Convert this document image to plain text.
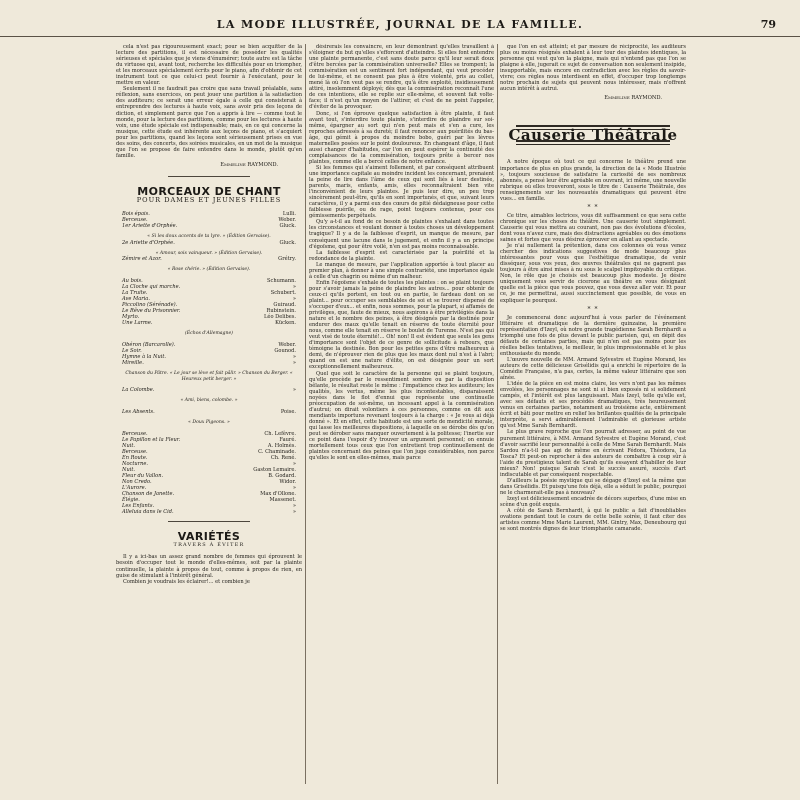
LA MODE ILLUSTRÉE, JOURNAL DE LA FAMILLE.	79

cela n'est pas rigoureusement exact; pour se bien acquitter de la lecture des partitions, il est nécessaire de posséder les qualités sérieuses et spéciales que je viens d'énumérer; toute autre est la tâche du virtuose qui, avant tout, recherche les difficultés pour en triompher, et les morceaux spécialement écrits pour le piano, afin d'obtenir de cet instrument tout ce que celui-ci peut fournir à l'exécutant, pour le mettre en valeur.

Seulement il ne faudrait pas croire que sans travail préalable, sans réflexion, sans exercices, on peut jouer une partition à la satisfaction des auditeurs; ce serait une erreur égale à celle qui consisterait à entreprendre des lectures à haute voix, sans avoir pris des leçons de diction, et simplement parce que l'on a appris à lire — comme tout le monde, pour la lecture des partitions, comme pour les lectures à haute voix, une étude spéciale est indispensable; mais, en ce qui concerne la musique, cette étude est inhérente aux leçons de piano, et s'acquiert pour les partitions, quand les leçons sont sérieusement prises en vue des soins, des concerts, des soirées musicales, en un mot de la musique que l'on se propose de faire entendre dans le monde, plutôt qu'en famille.

Emmeline RAYMOND.
MORCEAUX DE CHANT
POUR DAMES ET JEUNES FILLES
Bois épais.	Lulli.
Berceuse.	Weber.
1er Ariette d'Orphée.	Gluck.
« Si les doux accents de ta lyre. » (Édition Gervaise).
2e Ariette d'Orphée.	Gluck.
« Amour, sois vainqueur. » (Édition Gervaise).
Zémire et Azor.	Grétry.
« Rose chérie. » (Édition Gervaise).
Au bois.	Schumann.
La Cloche qui marche.	»
La Truite.	Schubert.
Ave Maria.	»
Piccolino (Sérénade).	Guiraud.
Le Rêve du Prisonnier.	Rubinstein.
Myrto.	Léo Delibes.
Une Larme.	Kücken.
(Échos d'Allemagne)
Obéron (Barcarolle).	Weber.
Le Soir.	Gounod.
Hymne à la Nuit.	»
Mireille.	»
Chanson du Pâtre. « Le jour se lève et fait pâlir. » Chanson du Berger. « Heureux petit berger. »
La Colombe.	»
« Ami, biens, colombe. »
Les Absents.	Poise.
« Doux Pigeons. »
Berceuse.	Ch. Lefèvre.
Le Papillon et la Fleur.	Fauré.
Nuit.	A. Holmès.
Berceuse.	C. Chaminade.
En Route.	Ch. René.
Nocturne.	»
Nuit.	Gaston Lemaire.
Fleur du Vallon.	B. Godard.
Non Credo.	Widor.
L'Aurore.	»
Chanson de Janette.	Max d'Ollone.
Élégie.	Massenet.
Les Enfants.	»
Alleluia dans le Cid.	»
VARIÉTÉS
TRAVERS À ÉVITER

Il y a ici-bas un assez grand nombre de femmes qui éprouvent le besoin d'occuper tout le monde d'elles-mêmes, soit par la plainte continuelle, la plainte à propos de tout, comme à propos de rien, en guise de stimulant à l'intérêt général.

Combien je voudrais les éclairer!... et combien je

désirerais les convaincre, en leur démontrant qu'elles travaillent à s'éloigner du but qu'elles s'efforcent d'atteindre. Si elles font entendre une plainte permanente, c'est sans doute parce qu'il leur serait doux d'être bercées par la commisération universelle? Elles se trompent; la commisération est un sentiment fort indépendant, qui veut procéder de lui-même, et ne consent pas plus à être violenté, pris au collet, mené là où l'on veut pas se rendre, qu'à être exploité, insidieusement attiré, insolemment déployé; dès que la commisération reconnaît l'une de ces intentions, elle se replie sur elle-même, et souvent fait volte-face; il n'est qu'un moyen de l'attirer, et c'est de ne point l'appeler, d'éviter de la provoquer.

Donc, si l'on éprouve quelque satisfaction à être plainte, il faut avant tout, s'interdire toute plainte, s'interdire de plaindre sur soi-même, épargner au sort qui n'en peut mais et s'en a cure, les reproches adressés à sa dureté; il faut renoncer aux puérilités du bas-âge, qui gémit à propos du moindre bobo, guéri par les lèvres maternelles posées sur le point douloureux. En changeant d'âge, il faut aussi changer d'habitudes, car l'on en peut espérer la continuité des complaisances de la commisération, toujours prête à bercer nos plaintes, comme elle a bercé celles de notre enfance.

Si les femmes qui s'aiment follement, et par conséquent attribuent une importance capitale au moindre incident les concernant, prenaient la peine de lire dans l'âme de ceux qui sont liés à leur destinée, parents, maris, enfants, amis, elles reconnaîtraient bien vite l'inconvénient de leurs plaintes. Je puis leur dire, un peu trop sincèrement peut-être, qu'ils en sont importunés, et que, suivant leurs caractères, il y a parmi eux des cœurs de pitié dédaigneuse pour cette faiblesse puérile, ou de rage, point toujours contenue, pour ces gémissements perpétuels.

Qu'y a-t-il au fond de ce besoin de plaintes s'exhalant dans toutes les circonstances et voulant donner à toutes choses un développement tragique? Il y a de la faiblesse d'esprit, un manque de mesure, par conséquent une lacune dans le jugement, et enfin il y a un principe d'égoïsme, qui pour être voilé, n'en est pas moins reconnaissable.

La faiblesse d'esprit est caractérisée par la puérilité et la redondance de la plainte.

Le manque de mesure, par l'application apportée à tout placer au premier plan, à donner à une simple contrariété, une importance égale à celle d'un chagrin ou même d'un malheur.

Enfin l'égoïsme s'exhale de toutes les plaintes : on se plaint toujours pour s'avoir jamais la peine de plaindre les autres... pour obtenir de ceux-ci qu'ils portent, en tout ou en partie, le fardeau dont on se plaint... pour occuper ses semblables de soi et se trouver dispensé de s'occuper d'eux... et enfin, nous sommes, pour la plupart, si affamés de privilèges, que, faute de mieux, nous aspirons à être privilégiés dans la nature et le nombre des peines, à être désignés par la destinée pour endurer des maux qu'elle tenait en réserve de toute éternité pour nous, comme elle tenait en réserve le boulet de Turenne. N'est pas qui veut visé de toute éternité!... Oh! non! Il est évident que seuls les gens d'importance sont l'objet de ce genre de sollicitude à rebours, que témoigne la destinée. Bon pour les petites gens d'être malheureux à demi, de n'éprouver rien de plus que les maux dont nul n'est à l'abri; quand on est une nature d'élite, on est désignée pour un sort exceptionnellement malheureux.

Quel que soit le caractère de la personne qui se plaint toujours, qu'elle procède par le ressentiment sombre ou par la disposition bêlante, le résultat reste le même : l'impatience chez les auditeurs; les qualités, les vertus, même les plus incontestables, disparaissent noyées dans le flot d'ennui que représente une continuelle préoccupation de soi-même, un incessant appel à la commisération d'autrui; on dirait volontiers à ces personnes, comme on dit aux mendiants importuns revenant toujours à la charge : « Je vous ai déjà donné ». Et en effet, cette habitude est une sorte de mendicité morale, qui lasse les meilleures dispositions, à laquelle on se dérobe dès qu'on peut se dérober sans manquer ouvertement à la politesse; l'inertie sur ce point dans l'espoir d'y trouver un argument personnel; on ennuie mortellement tous ceux que l'on entretient trop continuellement de plaintes concernant des peines que l'on juge considérables, non parce qu'elles le sont en elles-mêmes, mais parce

que l'on en est atteint; et par mesure de réciprocité, les auditeurs plus ou moins résignés exhalent à leur tour des plaintes identiques, la personne qui veut qu'on la plaigne, mais qui n'entend pas que l'on se plaigne à elle, jugerait ce sujet de conversation non seulement insipide, insupportable, mais encore en contradiction avec les règles du savoir-vivre; ces règles nous interdisent en effet, d'occuper trop longtemps notre prochain de sujets qui peuvent nous intéresser, mais n'offrent aucun intérêt à autrui.

Emmeline RAYMOND.
Causerie Théâtrale

A notre époque où tout ce qui concerne le théâtre prend une importance de plus en plus grande, la direction de la « Mode Illustrée », toujours soucieuse de satisfaire la curiosité de ses nombreux abonnés, a pensé leur être agréable en ouvrant, ici même, une nouvelle rubrique où elles trouveront, sous le titre de : Causerie Théâtrale, des renseignements sur les nouveautés dramatiques qui peuvent être vues... en famille.

* *

Ce titre, aimables lectrices, vous dit suffisamment ce que sera cette chronique sur les choses du théâtre. Une causerie tout simplement. Causerie qui vous mettra au courant, non pas des évolutions d'écoles, dont vous n'avez cure, mais des distractions agréables ou des émotions saines et fortes que vous désirez éprouver en allant au spectacle.

Je n'ai nullement la prétention, dans ces colonnes où vous venez chercher des indications suggestives de mode beaucoup plus intéressantes pour vous que l'esthétique dramatique, de venir disséquer, sous vos yeux, des œuvres théâtrales qui ne gagnent pas toujours à être ainsi mises à nu sous le scalpel impitoyable du critique. Non, le rôle que je choisis est beaucoup plus modeste. Je désire uniquement vous servir de cicerone au théâtre en vous désignant quelle est la pièce que vous pouvez, que vous devez aller voir. Et pour ce, je me permettrai, aussi succinctement que possible, de vous en expliquer le pourquoi.

* *

Je commencerai donc aujourd'hui à vous parler de l'événement littéraire et dramatique de la dernière quinzaine, la première représentation d'Izeyl, où notre grande tragédienne Sarah Bernhardt a triomphé une fois de plus devant le public parisien, qui, en dépit des défauts de certaines parties, mais qui n'en est pas moins pour les réelles belles tentatives, le meilleur, le plus impressionnable et le plus enthousiaste du monde.

L'œuvre nouvelle de MM. Armand Sylvestre et Eugène Morand, les auteurs de cette délicieuse Grisélidis qui a enrichi le répertoire de la Comédie Française, n'a pas, certes, la même valeur littéraire que son aînée.

L'idée de la pièce en est moins claire, les vers n'ont pas les mêmes envolées, les personnages ne sont ni si bien exposés ni si solidement campés, et l'intérêt est plus languissant. Mais Izeyl, telle qu'elle est, avec ses défauts et ses procédés dramatiques, très heureusement venus en certaines parties, notamment au troisième acte, entièrement écrit et bâti pour mettre en relief les brillantes qualités de la principale interprète, a servi admirablement l'admirable et glorieuse artiste qu'est Mme Sarah Bernhardt.

Le plus grave reproche que l'on pourrait adresser, au point de vue purement littéraire, à MM. Armand Sylvestre et Eugène Morand, c'est d'avoir sacrifié leur personnalité à celle de Mme Sarah Bernhardt. Mais Sardou n'a-t-il pas agi de même en écrivant Fédora, Théodora, La Tosca? Et peut-on reprocher à des auteurs de combattre à coup sûr à l'aide du prestigieux talent de Sarah qu'ils essayent d'habiller de leur mieux? Non! puisque Sarah c'est le succès assuré, succès d'art indiscutable et par conséquent respectable.

D'ailleurs la poésie mystique qui se dégage d'Izeyl est la même que dans Grisélidis. Et puisqu'une fois déjà, elle a séduit le public, pourquoi ne le charmerait-elle pas à nouveau?

Izeyl est délicieusement encadrée de décors superbes, d'une mise en scène d'un goût exquis.

A côté de Sarah Bernhardt, à qui le public a fait d'inoubliables ovations pendant tout le cours de cette belle soirée, il faut citer des artistes comme Mme Marie Laurent, MM. Gintry, Max, Deneubourg qui se sont montrés dignes de leur triomphante camarade.
